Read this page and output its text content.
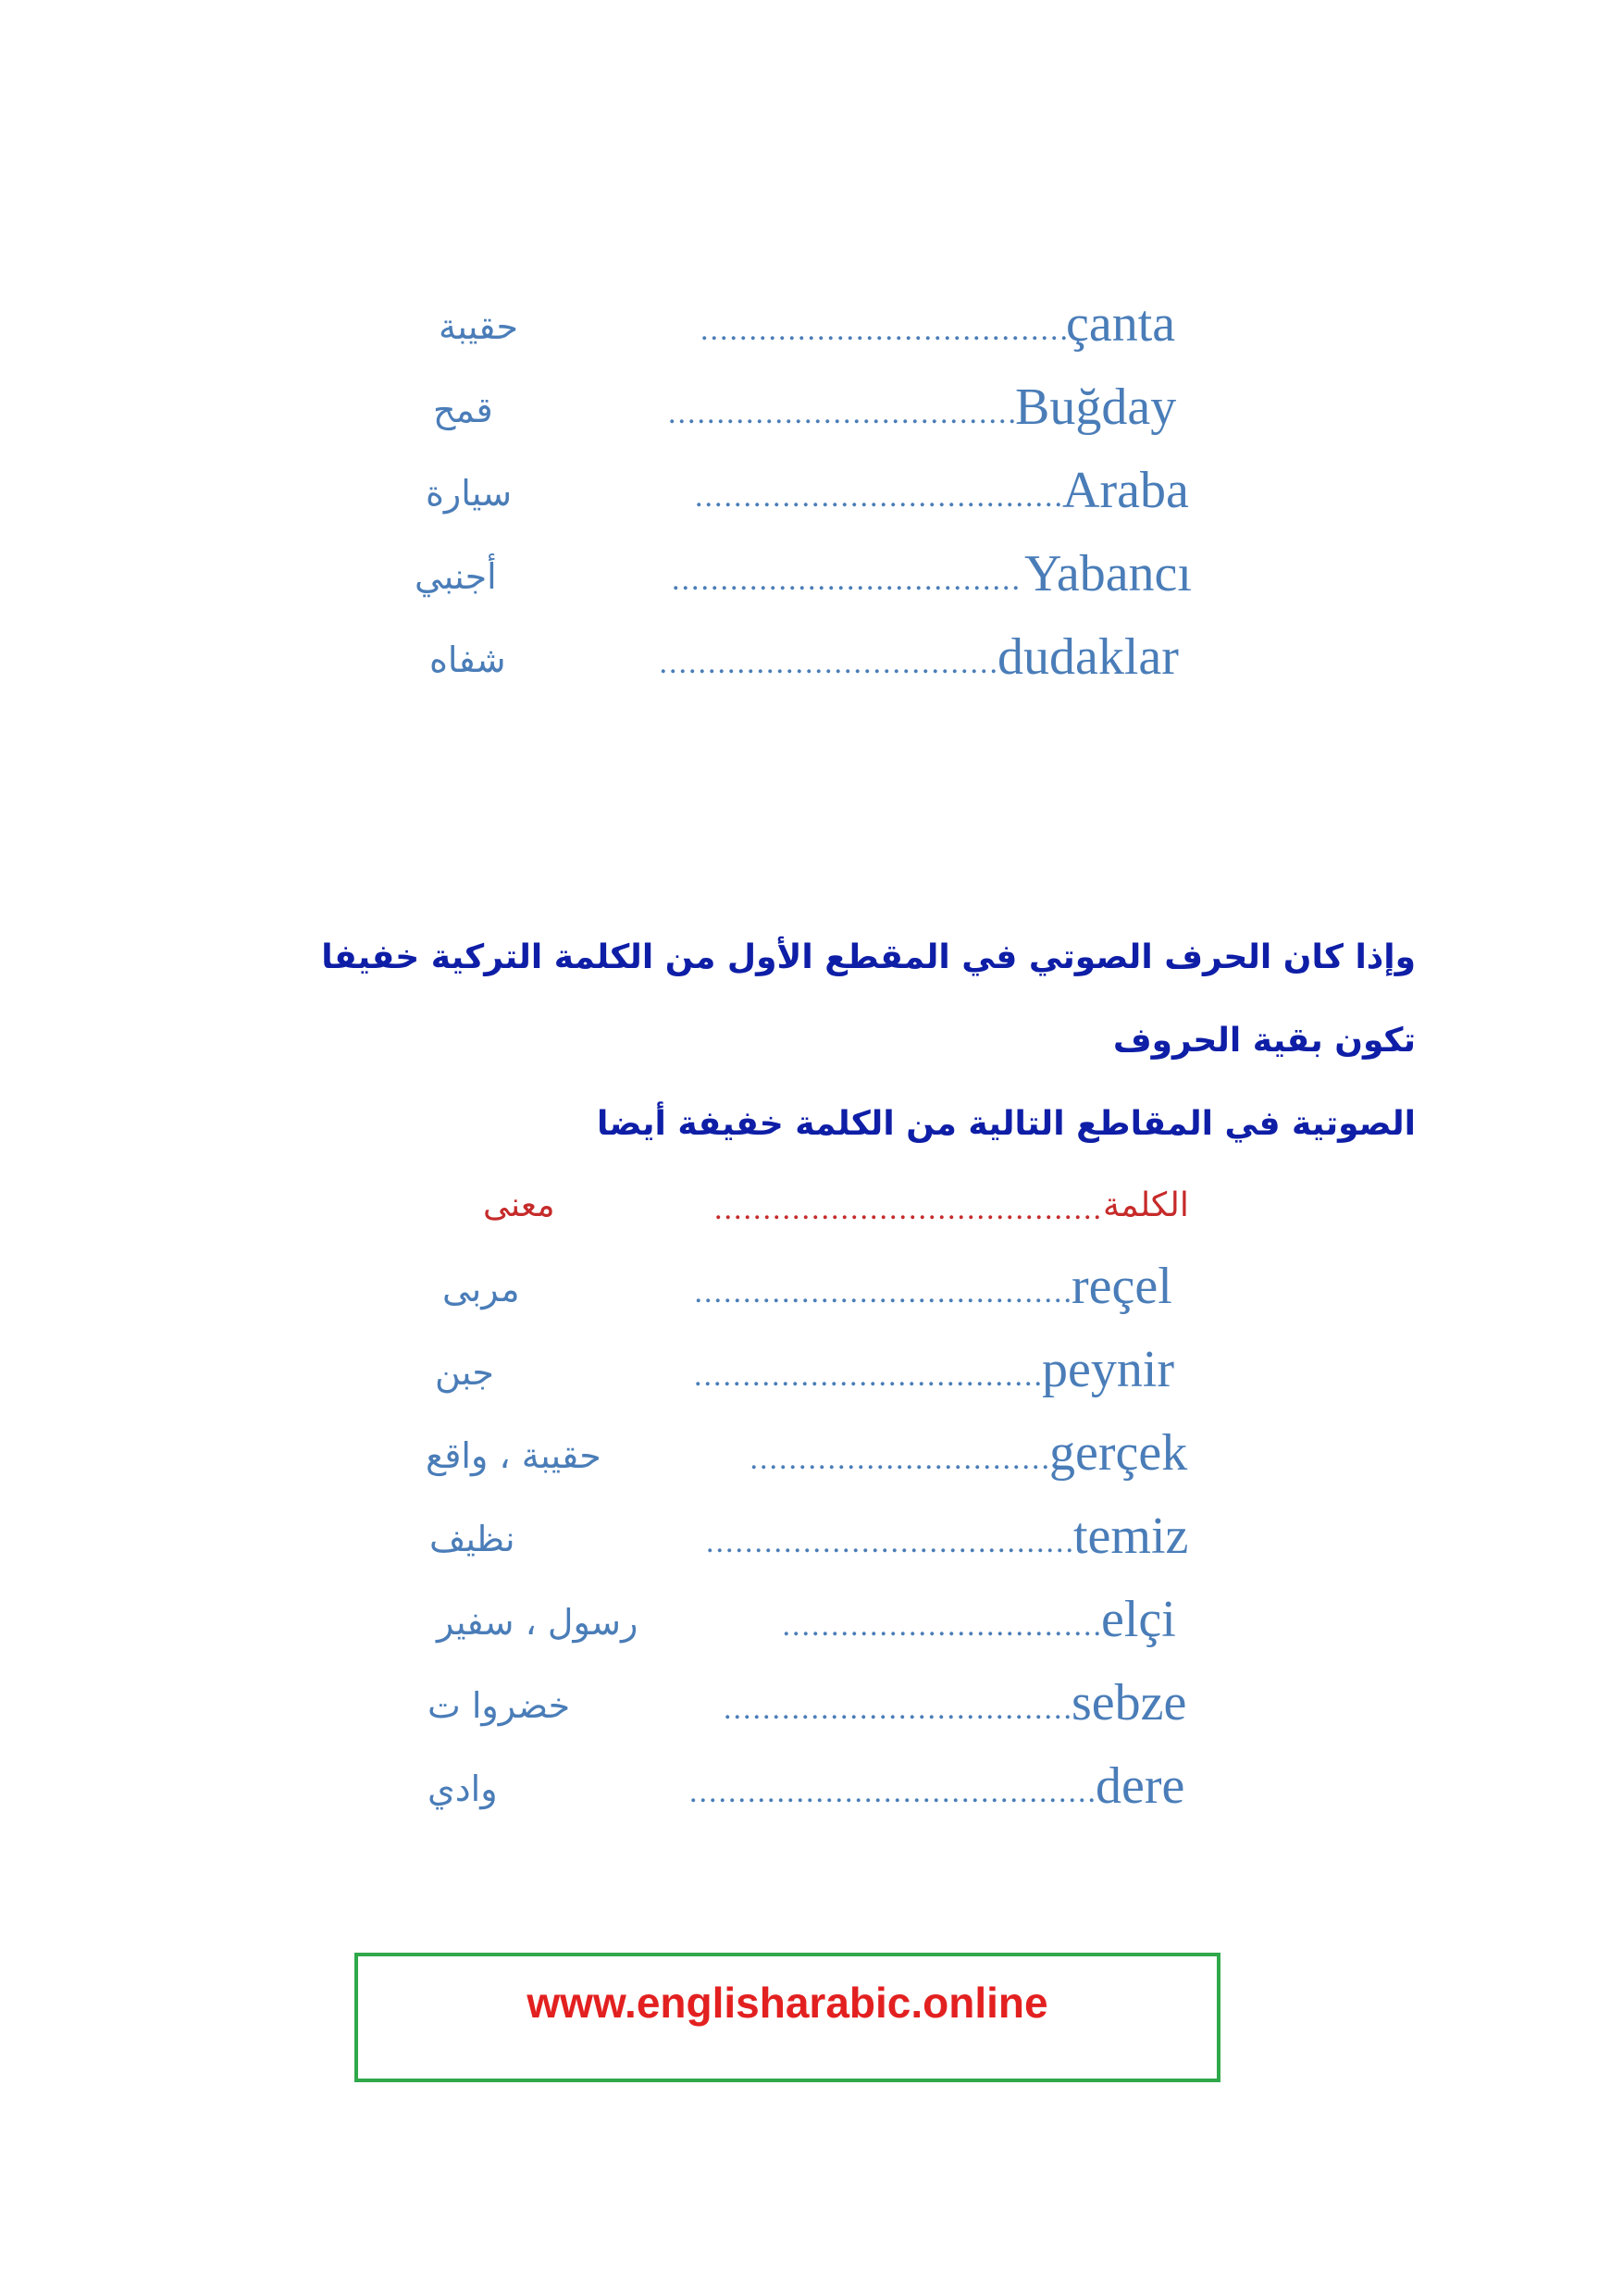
çanta
......................................
حقيبة
Buğday
....................................
قمح
Araba
......................................
سيارة
Yabancı
....................................
أجنبي
dudaklar
...................................
شفاه
وإذا كان الحرف الصوتي في المقطع الأول من الكلمة التركية خفيفا تكون بقية الحروف
الصوتية في المقاطع التالية من الكلمة خفيفة أيضا
الكلمة
........................................
معنى
reçel
.......................................
مربى
peynir
....................................
جبن
gerçek
...............................
حقيبة ، واقع
temiz
......................................
نظيف
elçi
.................................
رسول ، سفير
sebze
....................................
خضروا ت
dere
..........................................
وادي
www.englisharabic.online
